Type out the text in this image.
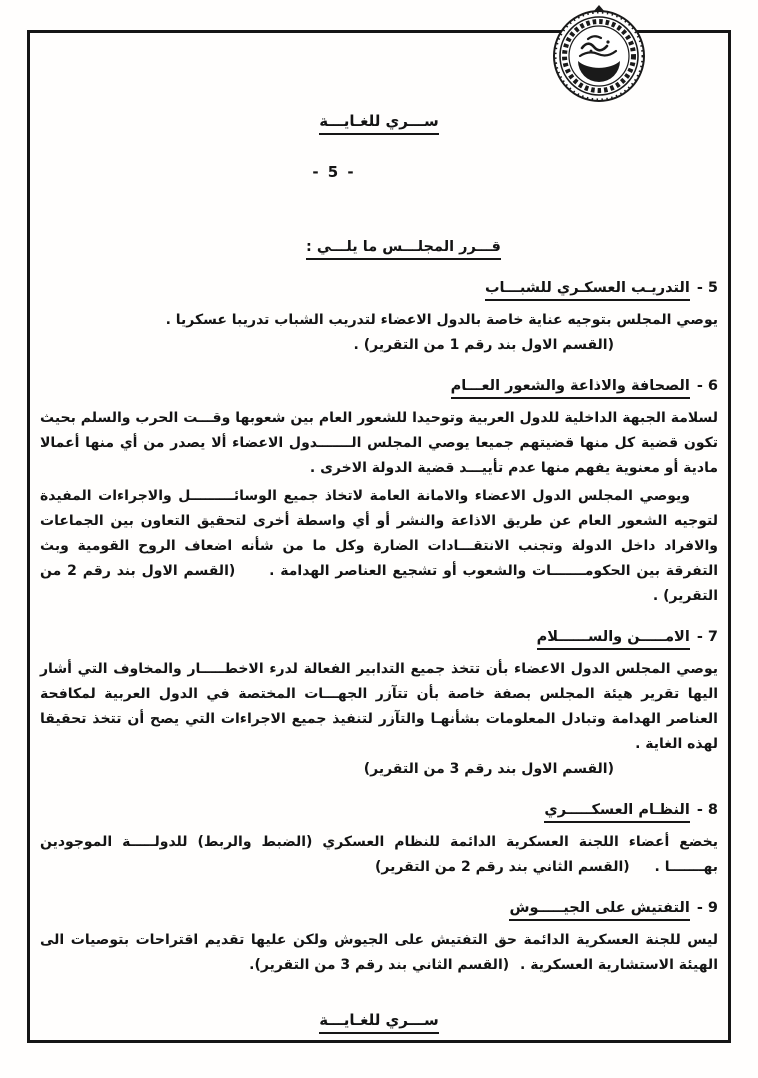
ســـري للغـايـــة
- 5 -
قـــرر المجلـــس ما يلـــي :
5 -التدريـب العسكـري للشبـــاب

يوصي المجلس بتوجيه عناية خاصة بالدول الاعضاء لتدريب الشباب تدريبا عسكريا .

(القسم الاول بند رقم 1 من التقرير) .

6 -الصحافة والاذاعة والشعور العـــام

لسلامة الجبهة الداخلية للدول العربية وتوحيدا للشعور العام بين شعوبها وقـــت الحرب والسلم بحيث تكون قضية كل منها قضيتهم جميعا يوصي المجلس الـــــــدول الاعضاء ألا يصدر من أي منها أعمالا مادية أو معنوية يفهم منها عدم تأييـــد قضية الدولة الاخرى .

ويوصي المجلس الدول الاعضاء والامانة العامة لاتخاذ جميع الوسائـــــــــل والاجراءات المفيدة لتوجيه الشعور العام عن طريق الاذاعة والنشر أو أي واسطة أخرى لتحقيق التعاون بين الجماعات والافراد داخل الدولة وتجنب الانتقـــادات الضارة وكل ما من شأنه اضعاف الروح القومية وبث التفرقة بين الحكومـــــــات والشعوب أو تشجيع العناصر الهدامة . (القسم الاول بند رقم 2 من التقرير) .

7 -الامـــــن والســــــلام

يوصي المجلس الدول الاعضاء بأن تتخذ جميع التدابير الفعالة لدرء الاخطـــــار والمخاوف التي أشار اليها تقرير هيئة المجلس بصفة خاصة بأن تتآزر الجهـــات المختصة في الدول العربية لمكافحة العناصر الهدامة وتبادل المعلومات بشأنهـا والتآزر لتنفيذ جميع الاجراءات التي يصح أن تتخذ تحقيقا لهذه الغاية .

(القسم الاول بند رقم 3 من التقرير)

8 -النظـام العسكـــــري

يخضع أعضاء اللجنة العسكرية الدائمة للنظام العسكري (الضبط والربط) للدولـــــة الموجودين بهـــــــا . (القسم الثاني بند رقم 2 من التقرير)

9 -التفتيش على الجيـــــوش

ليس للجنة العسكرية الدائمة حق التفتيش على الجيوش ولكن عليها تقديم اقتراحات بتوصيات الى الهيئة الاستشارية العسكرية . (القسم الثاني بند رقم 3 من التقرير).

ســـري للغـايـــة
